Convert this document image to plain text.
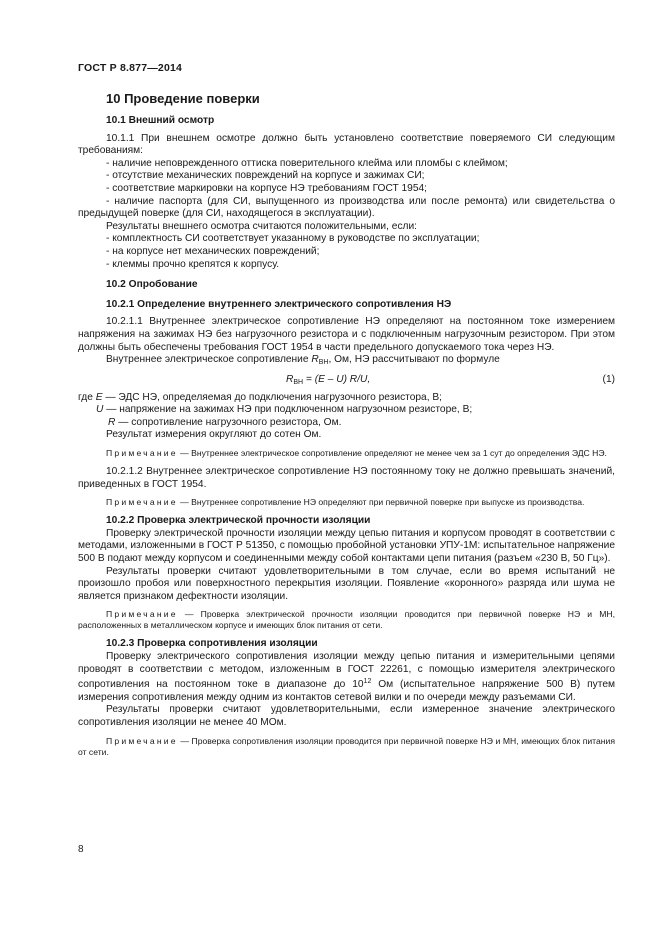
ГОСТ Р 8.877—2014
10 Проведение поверки
10.1 Внешний осмотр

10.1.1 При внешнем осмотре должно быть установлено соответствие поверяемого СИ следующим требованиям:

- наличие неповрежденного оттиска поверительного клейма или пломбы с клеймом;

- отсутствие механических повреждений на корпусе и зажимах СИ;

- соответствие маркировки на корпусе НЭ требованиям ГОСТ 1954;

- наличие паспорта (для СИ, выпущенного из производства или после ремонта) или свидетельства о предыдущей поверке (для СИ, находящегося в эксплуатации).

Результаты внешнего осмотра считаются положительными, если:

- комплектность СИ соответствует указанному в руководстве по эксплуатации;

- на корпусе нет механических повреждений;

- клеммы прочно крепятся к корпусу.

10.2 Опробование
10.2.1 Определение внутреннего электрического сопротивления НЭ

10.2.1.1 Внутреннее электрическое сопротивление НЭ определяют на постоянном токе измерением напряжения на зажимах НЭ без нагрузочного резистора и с подключенным нагрузочным резистором. При этом должны быть обеспечены требования ГОСТ 1954 в части предельного допускаемого тока через НЭ.

Внутреннее электрическое сопротивление $R_{ВН}$, Ом, НЭ рассчитывают по формуле

$R_{ВН} = (E - U)$ R/U,	(1)

где E — ЭДС НЭ, определяемая до подключения нагрузочного резистора, В;

U — напряжение на зажимах НЭ при подключенном нагрузочном резисторе, В;

R — сопротивление нагрузочного резистора, Ом.

Результат измерения округляют до сотен Ом.

Примечание — Внутреннее электрическое сопротивление определяют не менее чем за 1 сут до определения ЭДС НЭ.

10.2.1.2 Внутреннее электрическое сопротивление НЭ постоянному току не должно превышать значений, приведенных в ГОСТ 1954.

Примечание — Внутреннее сопротивление НЭ определяют при первичной поверке при выпуске из производства.

10.2.2 Проверка электрической прочности изоляции

Проверку электрической прочности изоляции между цепью питания и корпусом проводят в соответствии с методами, изложенными в ГОСТ Р 51350, с помощью пробойной установки УПУ-1М: испытательное напряжение 500 В подают между корпусом и соединенными между собой контактами цепи питания (разъем «230 В, 50 Гц»).

Результаты проверки считают удовлетворительными в том случае, если во время испытаний не произошло пробоя или поверхностного перекрытия изоляции. Появление «коронного» разряда или шума не является признаком дефектности изоляции.

Примечание — Проверка электрической прочности изоляции проводится при первичной поверке НЭ и МН, расположенных в металлическом корпусе и имеющих блок питания от сети.

10.2.3 Проверка сопротивления изоляции

Проверку электрического сопротивления изоляции между цепью питания и измерительными цепями проводят в соответствии с методом, изложенным в ГОСТ 22261, с помощью измерителя электрического сопротивления на постоянном токе в диапазоне до $10^{12}$ Ом (испытательное напряжение 500 В) путем измерения сопротивления между одним из контактов сетевой вилки и по очереди между разъемами СИ.

Результаты проверки считают удовлетворительными, если измеренное значение электрического сопротивления изоляции не менее 40 МОм.

Примечание — Проверка сопротивления изоляции проводится при первичной поверке НЭ и МН, имеющих блок питания от сети.

8
